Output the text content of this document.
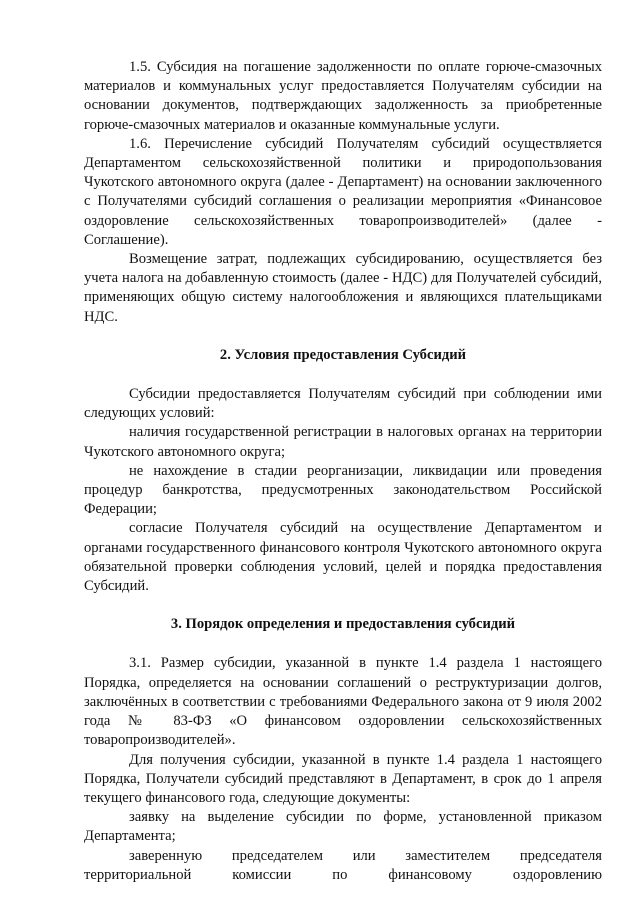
1.5. Субсидия на погашение задолженности по оплате горюче-смазочных материалов и коммунальных услуг предоставляется Получателям субсидии на основании документов, подтверждающих задолженность за приобретенные горюче-смазочных материалов и оказанные коммунальные услуги.

1.6. Перечисление субсидий Получателям субсидий осуществляется Департаментом сельскохозяйственной политики и природопользования Чукотского автономного округа (далее - Департамент) на основании заключенного с Получателями субсидий соглашения о реализации мероприятия «Финансовое оздоровление сельскохозяйственных товаропроизводителей» (далее - Соглашение).

Возмещение затрат, подлежащих субсидированию, осуществляется без учета налога на добавленную стоимость (далее - НДС) для Получателей субсидий, применяющих общую систему налогообложения и являющихся плательщиками НДС.

2. Условия предоставления Субсидий

Субсидии предоставляется Получателям субсидий при соблюдении ими следующих условий:

наличия государственной регистрации в налоговых органах на территории Чукотского автономного округа;

не нахождение в стадии реорганизации, ликвидации или проведения процедур банкротства, предусмотренных законодательством Российской Федерации;

согласие Получателя субсидий на осуществление Департаментом и органами государственного финансового контроля Чукотского автономного округа обязательной проверки соблюдения условий, целей и порядка предоставления Субсидий.

3. Порядок определения и предоставления субсидий

3.1. Размер субсидии, указанной в пункте 1.4 раздела 1 настоящего Порядка, определяется на основании соглашений о реструктуризации долгов, заключённых в соответствии с требованиями Федерального закона от 9 июля 2002 года № 83-ФЗ «О финансовом оздоровлении сельскохозяйственных товаропроизводителей».

Для получения субсидии, указанной в пункте 1.4 раздела 1 настоящего Порядка, Получатели субсидий представляют в Департамент, в срок до 1 апреля текущего финансового года, следующие документы:

заявку на выделение субсидии по форме, установленной приказом Департамента;

заверенную председателем или заместителем председателя территориальной комиссии по финансовому оздоровлению
